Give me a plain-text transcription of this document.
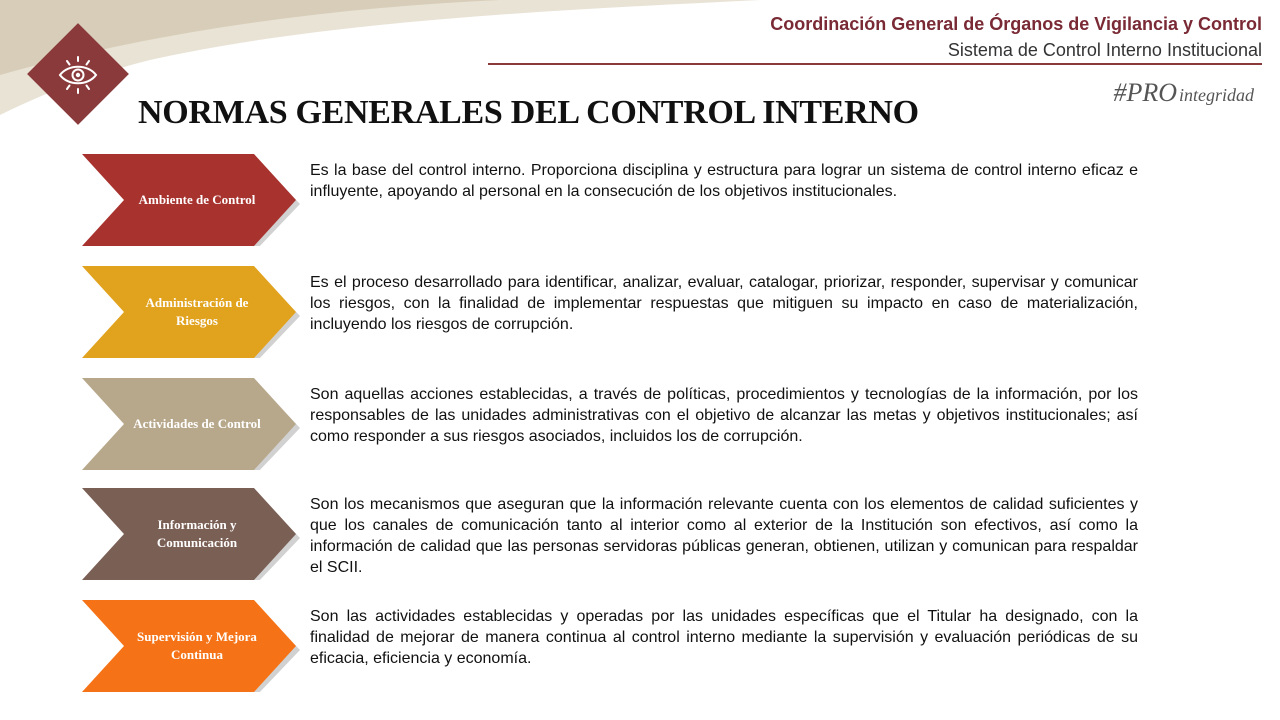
Coordinación General de Órganos de Vigilancia y Control
Sistema de Control Interno Institucional
#PRO integridad
NORMAS GENERALES DEL CONTROL INTERNO
Ambiente de Control

Es la base del control interno. Proporciona disciplina y estructura para lograr un sistema de control interno eficaz e influyente, apoyando al personal en la consecución de los objetivos institucionales.

Administración de Riesgos

Es el proceso desarrollado para identificar, analizar, evaluar, catalogar, priorizar, responder, supervisar y comunicar los riesgos, con la finalidad de implementar respuestas que mitiguen su impacto en caso de materialización, incluyendo los riesgos de corrupción.

Actividades de Control

Son aquellas acciones establecidas, a través de políticas, procedimientos y tecnologías de la información, por los responsables de las unidades administrativas con el objetivo de alcanzar las metas y objetivos institucionales; así como responder a sus riesgos asociados, incluidos los de corrupción.

Información y Comunicación

Son los mecanismos que aseguran que la información relevante cuenta con los elementos de calidad suficientes y que los canales de comunicación tanto al interior como al exterior de la Institución son efectivos, así como la información de calidad que las personas servidoras públicas generan, obtienen, utilizan y comunican para respaldar el SCII.

Supervisión y Mejora Continua

Son las actividades establecidas y operadas por las unidades específicas que el Titular ha designado, con la finalidad de mejorar de manera continua al control interno mediante la supervisión y evaluación periódicas de su eficacia, eficiencia y economía.
